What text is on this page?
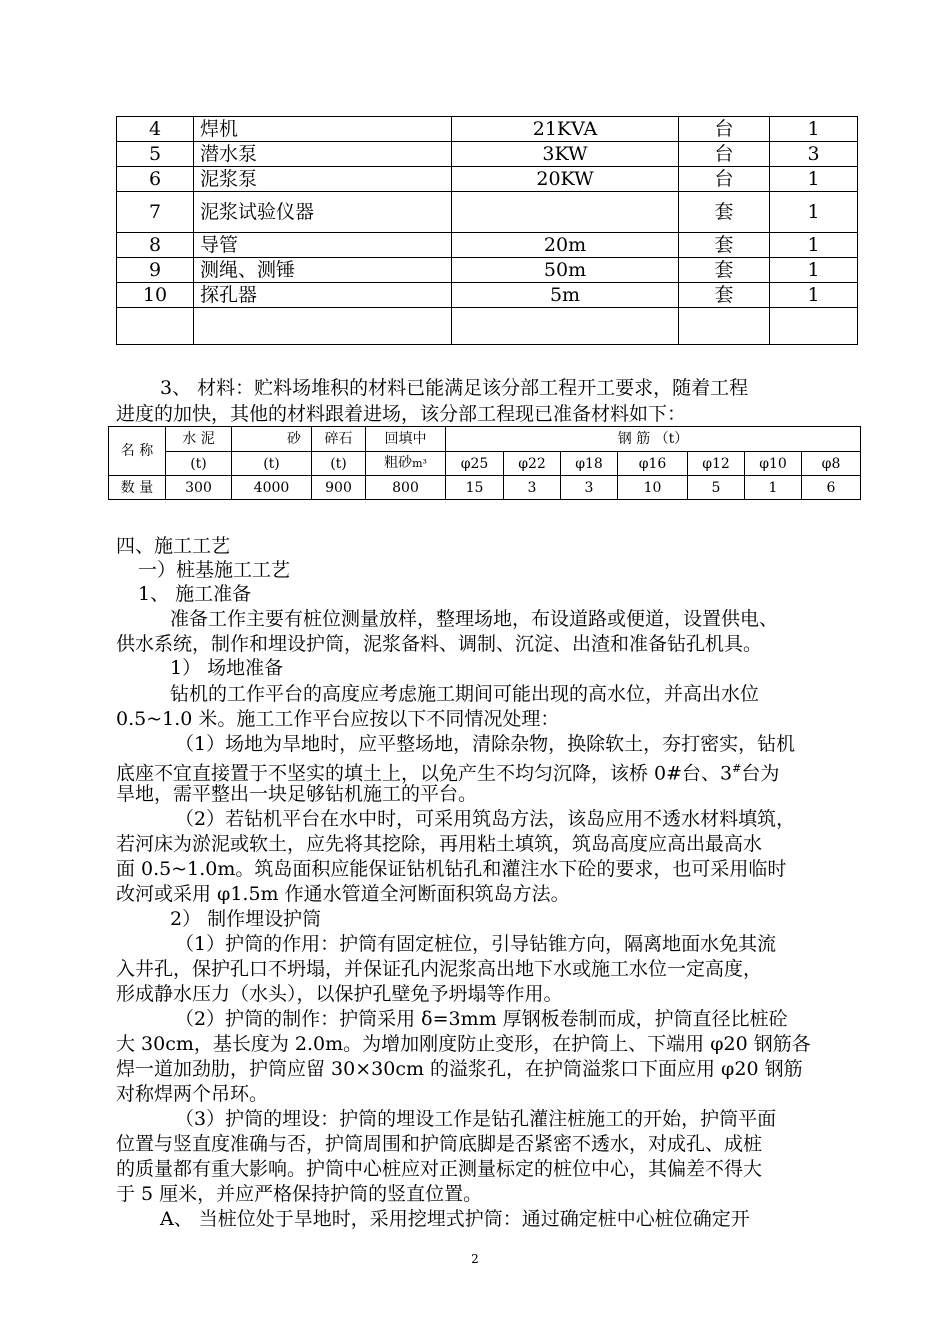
4	焊机	21KVA	台	1
5	潜水泵	3KW	台	3
6	泥浆泵	20KW	台	1
7	泥浆试验仪器		套	1
8	导管	20m	套	1
9	测绳、测锤	50m	套	1
10	探孔器	5m	套	1

3、 材料：贮料场堆积的材料已能满足该分部工程开工要求，随着工程
进度的加快，其他的材料跟着进场，该分部工程现已准备材料如下：
名 称	水 泥	砂	碎石	回填中	钢 筋 （t）						
	(t)	(t)	(t)	粗砂m³	φ25	φ22	φ18	φ16	φ12	φ10	φ8
数 量	300	4000	900	800	15	3	3	10	5	1	6
四、施工工艺
一）桩基施工工艺
1、 施工准备
准备工作主要有桩位测量放样，整理场地，布设道路或便道，设置供电、
供水系统，制作和埋设护筒，泥浆备料、调制、沉淀、出渣和准备钻孔机具。
1） 场地准备
钻机的工作平台的高度应考虑施工期间可能出现的高水位，并高出水位
0.5~1.0 米。施工工作平台应按以下不同情况处理：
（1）场地为旱地时，应平整场地，清除杂物，换除软土，夯打密实，钻机
底座不宜直接置于不坚实的填土上，以免产生不均匀沉降，该桥 0#台、3#台为
旱地，需平整出一块足够钻机施工的平台。
（2）若钻机平台在水中时，可采用筑岛方法，该岛应用不透水材料填筑，
若河床为淤泥或软土，应先将其挖除，再用粘土填筑，筑岛高度应高出最高水
面 0.5~1.0m。筑岛面积应能保证钻机钻孔和灌注水下砼的要求，也可采用临时
改河或采用 φ1.5m 作通水管道全河断面积筑岛方法。
2） 制作埋设护筒
（1）护筒的作用：护筒有固定桩位，引导钻锥方向，隔离地面水免其流
入井孔，保护孔口不坍塌，并保证孔内泥浆高出地下水或施工水位一定高度，
形成静水压力（水头），以保护孔壁免予坍塌等作用。
（2）护筒的制作：护筒采用 δ=3mm 厚钢板卷制而成，护筒直径比桩砼
大 30cm，基长度为 2.0m。为增加刚度防止变形，在护筒上、下端用 φ20 钢筋各
焊一道加劲肋，护筒应留 30×30cm 的溢浆孔，在护筒溢浆口下面应用 φ20 钢筋
对称焊两个吊环。
（3）护筒的埋设：护筒的埋设工作是钻孔灌注桩施工的开始，护筒平面
位置与竖直度准确与否，护筒周围和护筒底脚是否紧密不透水，对成孔、成桩
的质量都有重大影响。护筒中心桩应对正测量标定的桩位中心，其偏差不得大
于 5 厘米，并应严格保持护筒的竖直位置。
A、 当桩位处于旱地时，采用挖埋式护筒：通过确定桩中心桩位确定开
2
